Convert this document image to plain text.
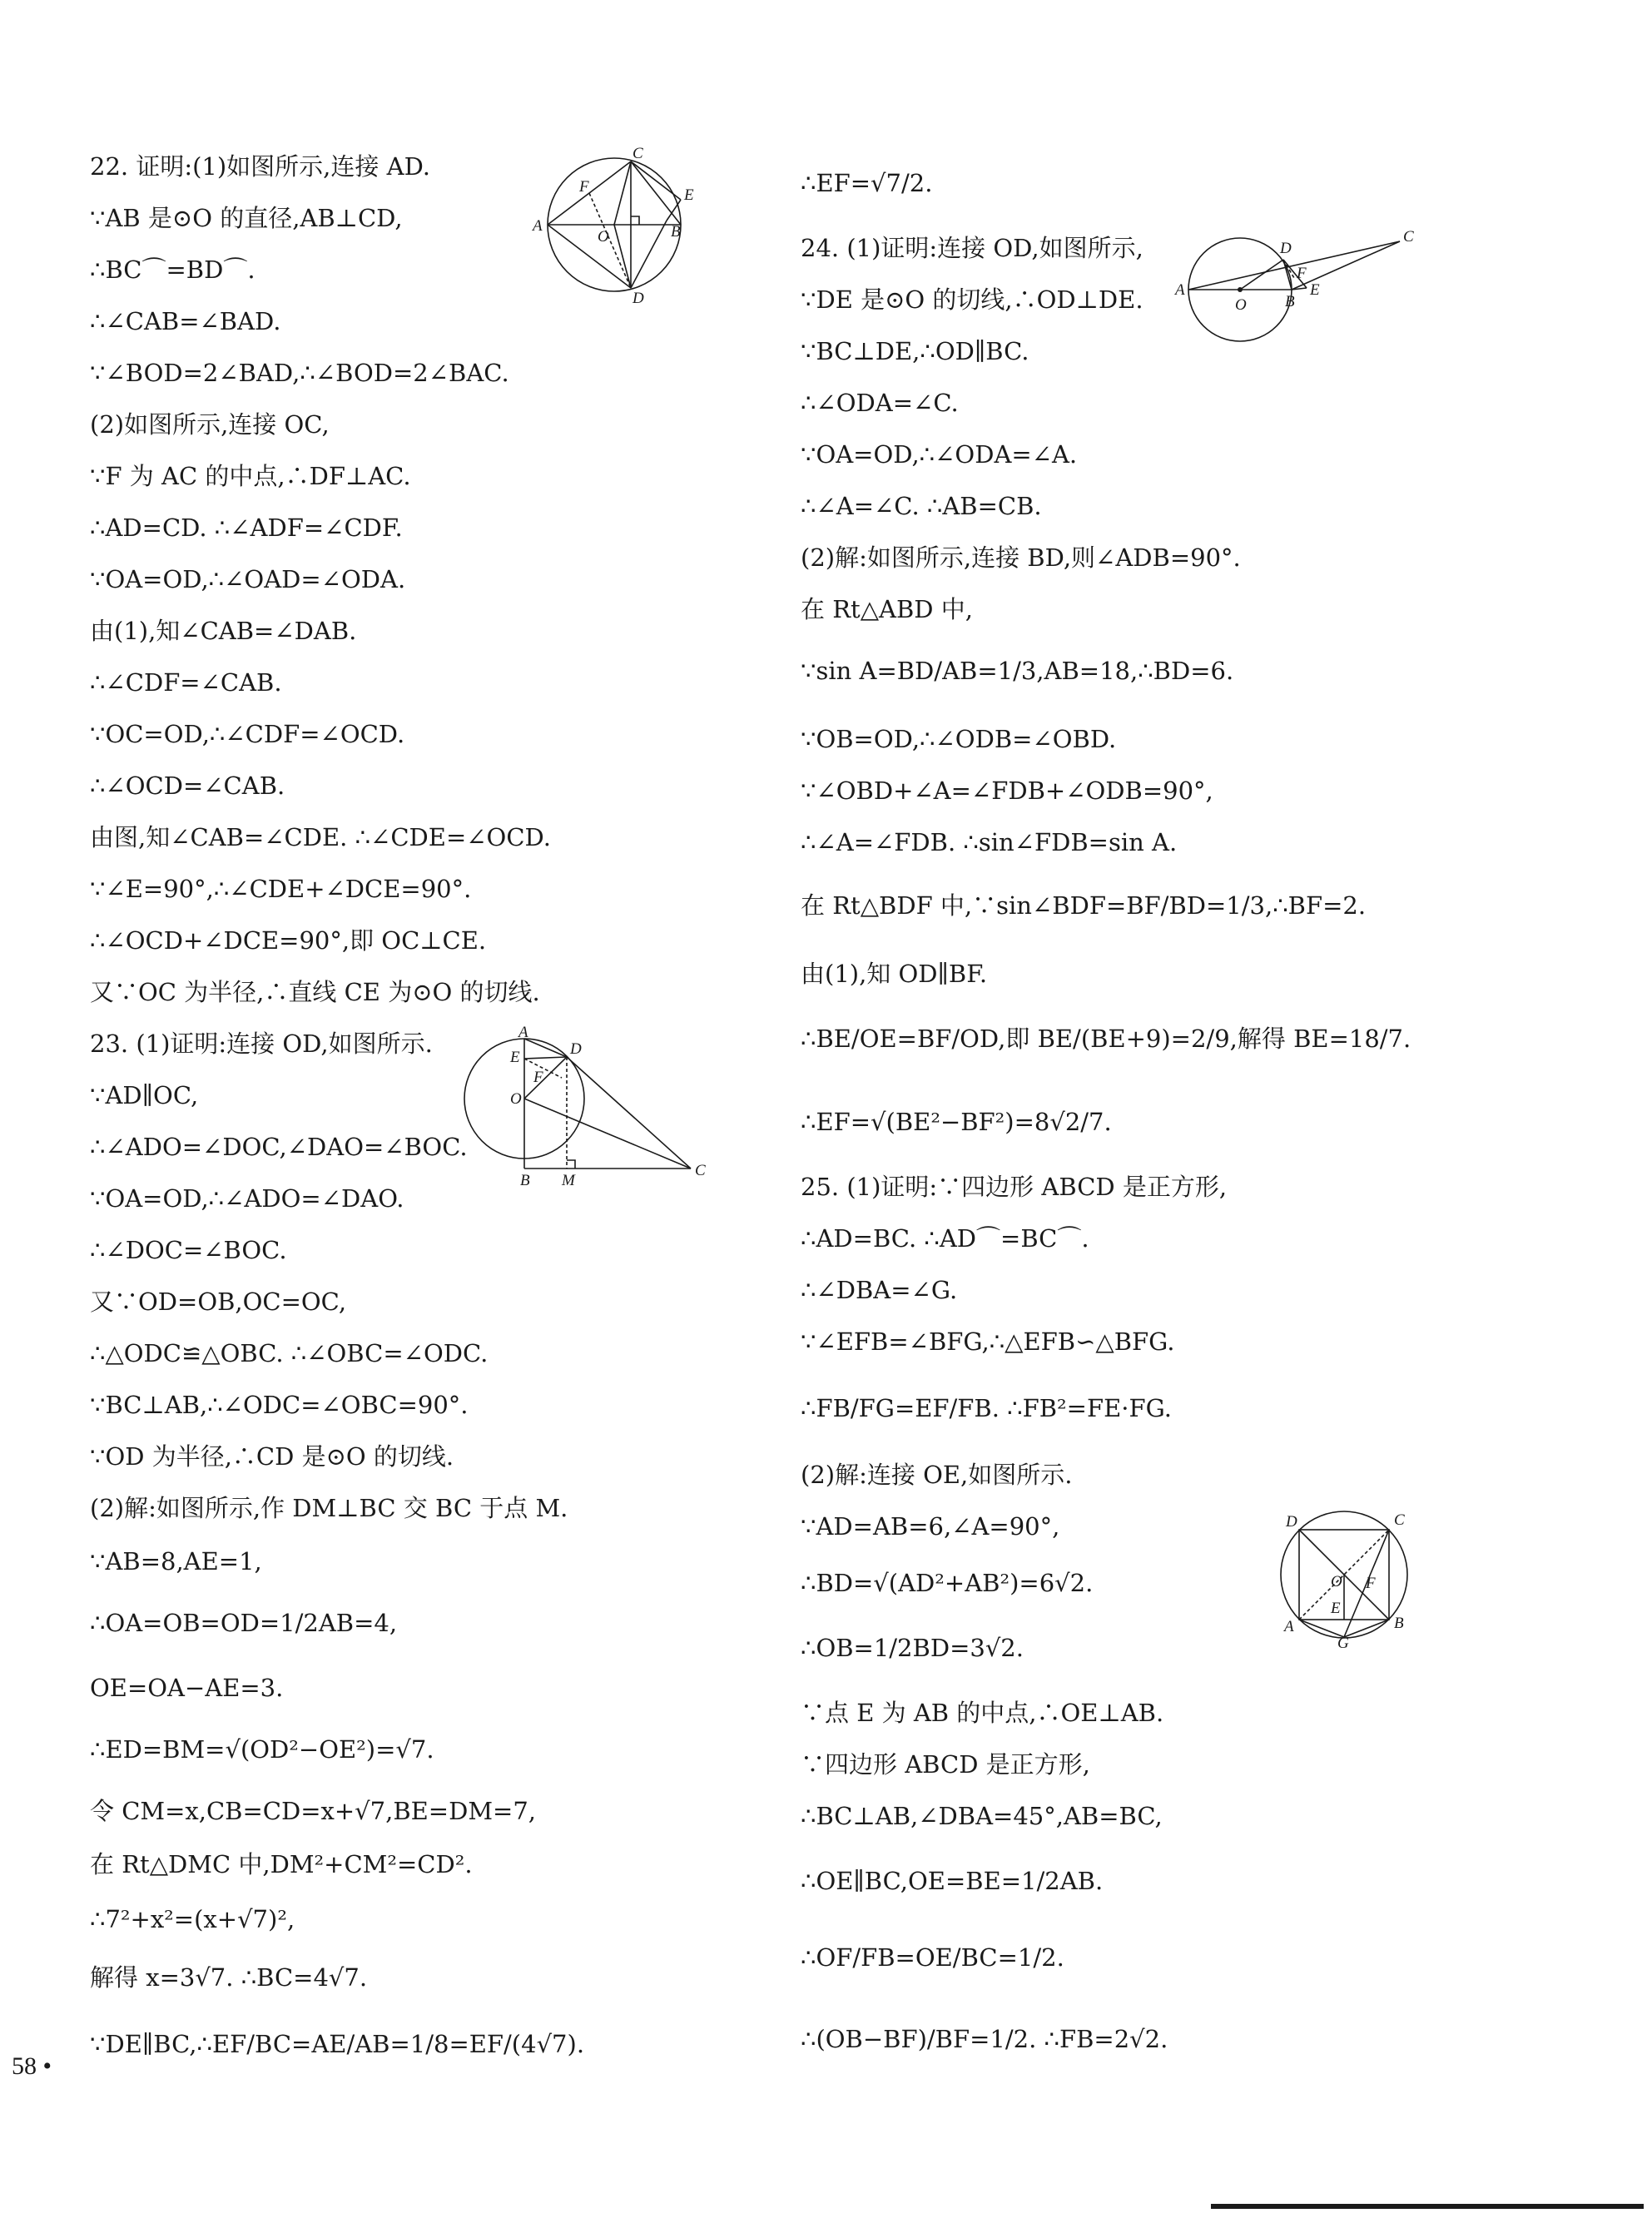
22. 证明:(1)如图所示,连接 AD.
∵AB 是⊙O 的直径,AB⊥CD,
∴BC⌒=BD⌒.
∴∠CAB=∠BAD.
∵∠BOD=2∠BAD,∴∠BOD=2∠BAC.
(2)如图所示,连接 OC,
∵F 为 AC 的中点,∴DF⊥AC.
∴AD=CD. ∴∠ADF=∠CDF.
∵OA=OD,∴∠OAD=∠ODA.
由(1),知∠CAB=∠DAB.
∴∠CDF=∠CAB.
∵OC=OD,∴∠CDF=∠OCD.
∴∠OCD=∠CAB.
由图,知∠CAB=∠CDE. ∴∠CDE=∠OCD.
∵∠E=90°,∴∠CDE+∠DCE=90°.
∴∠OCD+∠DCE=90°,即 OC⊥CE.
又∵OC 为半径,∴直线 CE 为⊙O 的切线.
23. (1)证明:连接 OD,如图所示.
∵AD∥OC,
∴∠ADO=∠DOC,∠DAO=∠BOC.
∵OA=OD,∴∠ADO=∠DAO.
∴∠DOC=∠BOC.
又∵OD=OB,OC=OC,
∴△ODC≌△OBC. ∴∠OBC=∠ODC.
∵BC⊥AB,∴∠ODC=∠OBC=90°.
∵OD 为半径,∴CD 是⊙O 的切线.
(2)解:如图所示,作 DM⊥BC 交 BC 于点 M.
∵AB=8,AE=1,
∴OA=OB=OD=1/2AB=4,
OE=OA−AE=3.
∴ED=BM=√(OD²−OE²)=√7.
令 CM=x,CB=CD=x+√7,BE=DM=7,
在 Rt△DMC 中,DM²+CM²=CD².
∴7²+x²=(x+√7)²,
解得 x=3√7. ∴BC=4√7.
∵DE∥BC,∴EF/BC=AE/AB=1/8=EF/(4√7).
∴EF=√7/2.
24. (1)证明:连接 OD,如图所示,
∵DE 是⊙O 的切线,∴OD⊥DE.
∵BC⊥DE,∴OD∥BC.
∴∠ODA=∠C.
∵OA=OD,∴∠ODA=∠A.
∴∠A=∠C. ∴AB=CB.
(2)解:如图所示,连接 BD,则∠ADB=90°.
在 Rt△ABD 中,
∵sin A=BD/AB=1/3,AB=18,∴BD=6.
∵OB=OD,∴∠ODB=∠OBD.
∵∠OBD+∠A=∠FDB+∠ODB=90°,
∴∠A=∠FDB. ∴sin∠FDB=sin A.
在 Rt△BDF 中,∵sin∠BDF=BF/BD=1/3,∴BF=2.
由(1),知 OD∥BF.
∴BE/OE=BF/OD,即 BE/(BE+9)=2/9,解得 BE=18/7.
∴EF=√(BE²−BF²)=8√2/7.
25. (1)证明:∵四边形 ABCD 是正方形,
∴AD=BC. ∴AD⌒=BC⌒.
∴∠DBA=∠G.
∵∠EFB=∠BFG,∴△EFB∽△BFG.
∴FB/FG=EF/FB. ∴FB²=FE·FG.
(2)解:连接 OE,如图所示.
∵AD=AB=6,∠A=90°,
∴BD=√(AD²+AB²)=6√2.
∴OB=1/2BD=3√2.
∵点 E 为 AB 的中点,∴OE⊥AB.
∵四边形 ABCD 是正方形,
∴BC⊥AB,∠DBA=45°,AB=BC,
∴OE∥BC,OE=BE=1/2AB.
∴OF/FB=OE/BC=1/2.
∴(OB−BF)/BF=1/2. ∴FB=2√2.
A	B
C
D
E
F
O
A
B
C
D
E
F
M
O
A
B
C
D
E
F
O
A	B
C
D
E
F
G
O
58 •
